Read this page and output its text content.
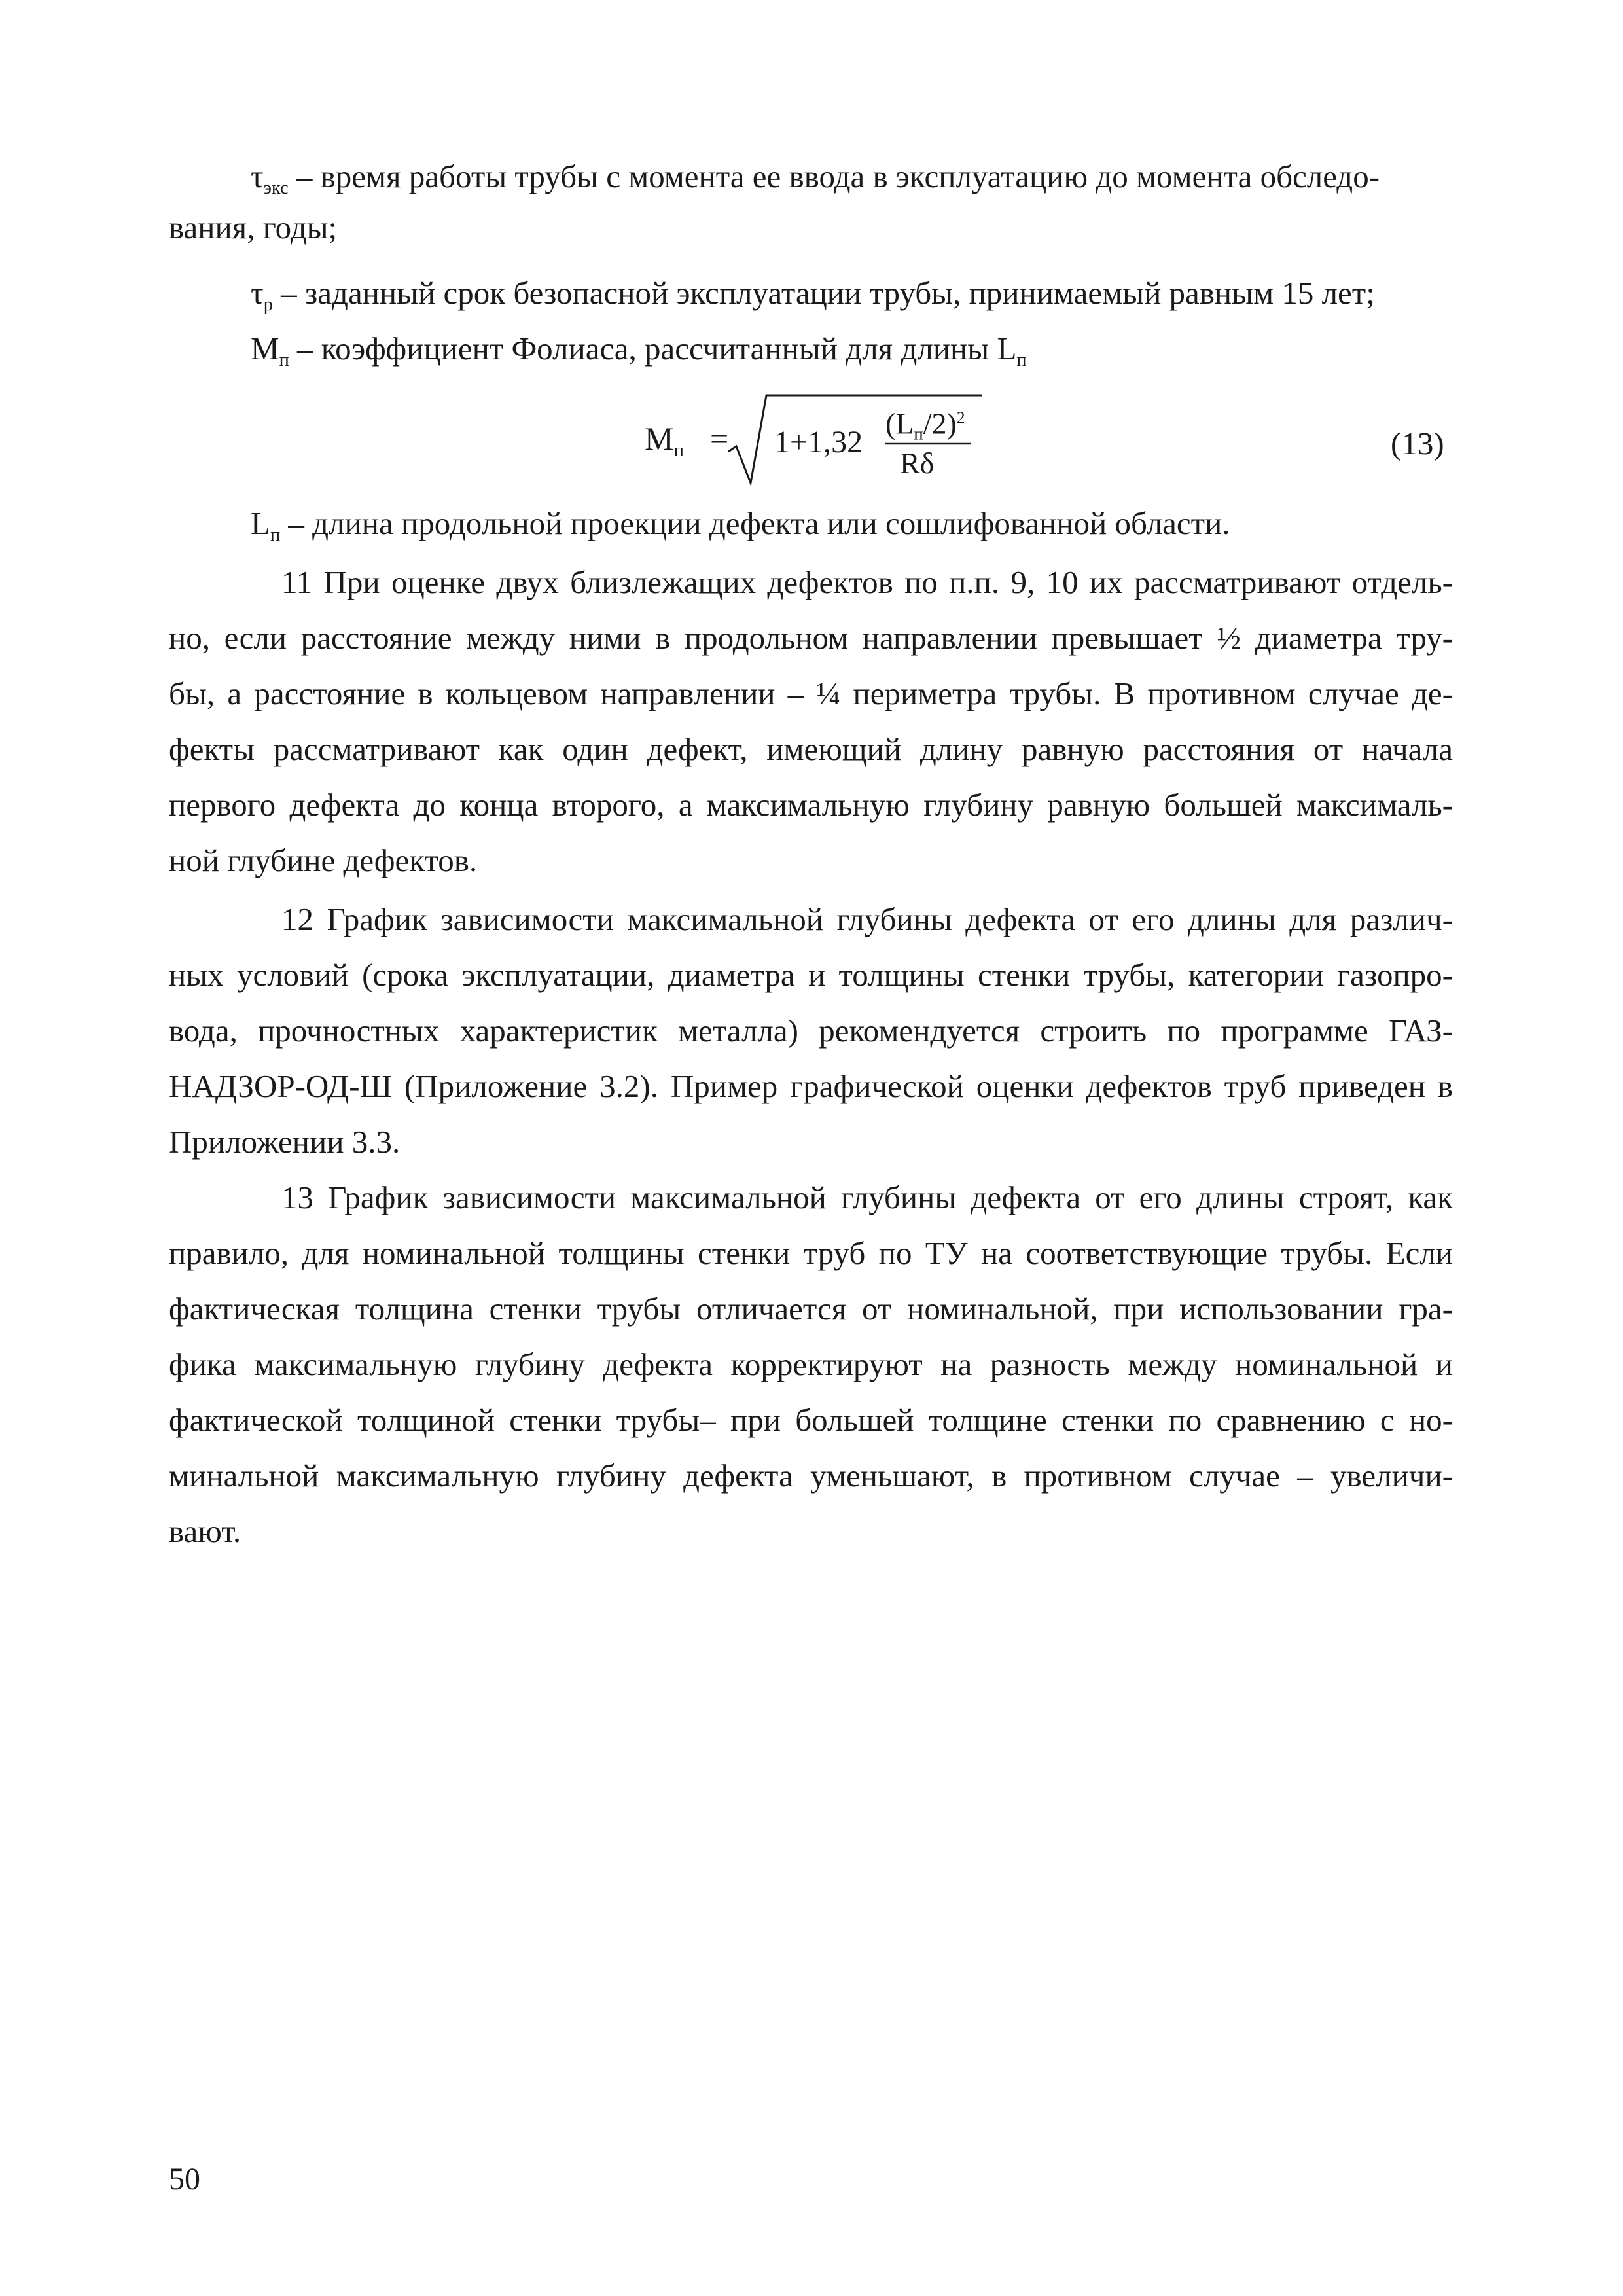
$\tau_{экс}$ – время работы трубы с момента ее ввода в эксплуатацию до момента обследо-
вания, годы;
$\tau_р$ – заданный срок безопасной эксплуатации трубы, принимаемый равным 15 лет;
$М_п$ – коэффициент Фолиаса, рассчитанный для длины $L_п$
$М_п = 1+1,32$
$(L_п/2)^2$
Rδ
(13)
$L_п$ – длина продольной проекции дефекта или сошлифованной области.
11 При оценке двух близлежащих дефектов по п.п. 9, 10 их рассматривают отдель-
но, если расстояние между ними в продольном направлении превышает ½ диаметра тру-
бы, а расстояние в кольцевом направлении – ¼ периметра трубы. В противном случае де-
фекты рассматривают как один дефект, имеющий длину равную расстояния от начала
первого дефекта до конца второго, а максимальную глубину равную большей максималь-
ной глубине дефектов.
12 График зависимости максимальной глубины дефекта от его длины для различ-
ных условий (срока эксплуатации, диаметра и толщины стенки трубы, категории газопро-
вода, прочностных характеристик металла) рекомендуется строить по программе ГАЗ-
НАДЗОР-ОД-Ш (Приложение 3.2). Пример графической оценки дефектов труб приведен в
Приложении 3.3.
13 График зависимости максимальной глубины дефекта от его длины строят, как
правило, для номинальной толщины стенки труб по ТУ на соответствующие трубы. Если
фактическая толщина стенки трубы отличается от номинальной, при использовании гра-
фика максимальную глубину дефекта корректируют на разность между номинальной и
фактической толщиной стенки трубы– при большей толщине стенки по сравнению с но-
минальной максимальную глубину дефекта уменьшают, в противном случае – увеличи-
вают.
50
